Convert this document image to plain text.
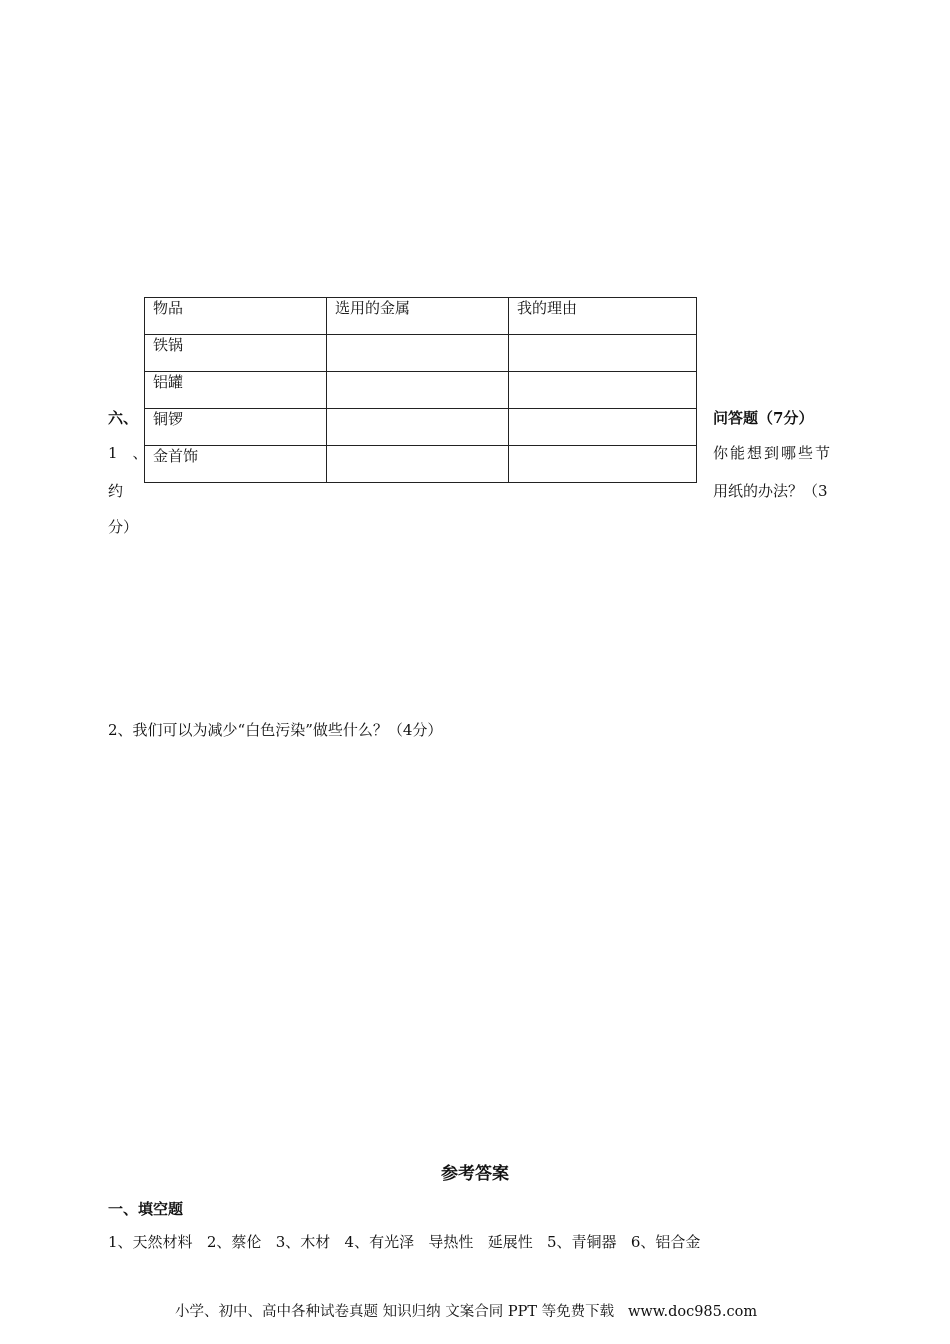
物品	选用的金属	我的理由
铁锅		
铝罐		
铜锣		
金首饰		
六、	问答题（7分）
1　、	你能想到哪些节
约	用纸的办法？（3
分）
2、我们可以为减少“白色污染”做些什么？（4分）
参考答案
一、填空题
1、天然材料   2、蔡伦   3、木材   4、有光泽   导热性   延展性   5、青铜器   6、铝合金
小学、初中、高中各种试卷真题 知识归纳 文案合同 PPT 等免费下载   www.doc985.com
